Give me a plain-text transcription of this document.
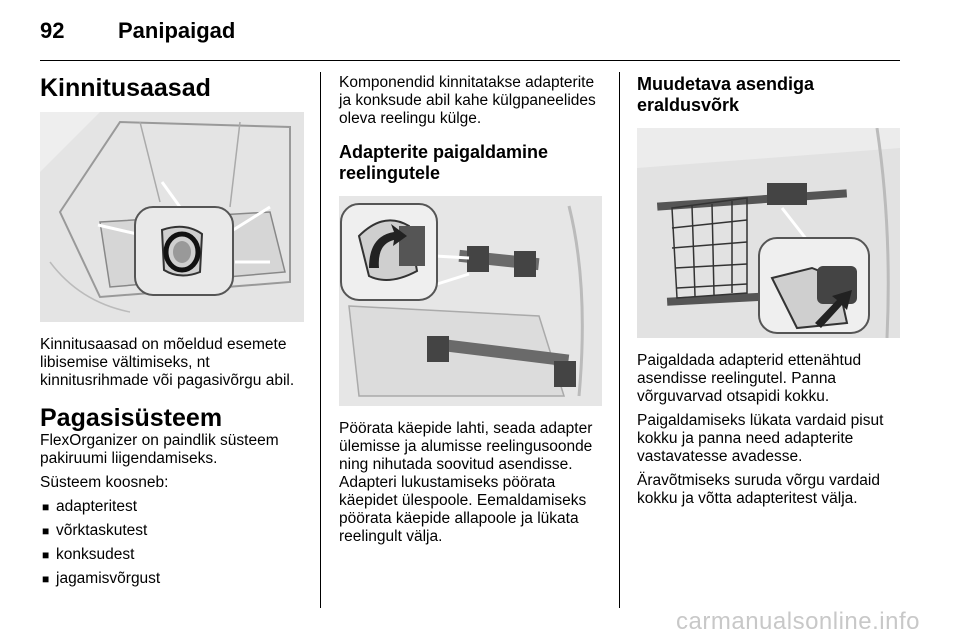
92 Panipaigad
Kinnitusaasad

Kinnitusaasad on mõeldud esemete libisemise vältimiseks, nt kinnitusrihmade või pagasivõrgu abil.

Pagasisüsteem

FlexOrganizer on paindlik süsteem pakiruumi liigendamiseks.

Süsteem koosneb:

■ adapteritest
■ võrktaskutest
■ konksudest
■ jagamisvõrgust

Komponendid kinnitatakse adapterite ja konksude abil kahe külgpaneelides oleva reelingu külge.

Adapterite paigaldamine reelingutele

Pöörata käepide lahti, seada adapter ülemisse ja alumisse reelingusoonde ning nihutada soovitud asendisse. Adapteri lukustamiseks pöörata käepidet ülespoole. Eemaldamiseks pöörata käepide allapoole ja lükata reelingult välja.

Muudetava asendiga eraldusvõrk

Paigaldada adapterid ettenähtud asendisse reelingutel. Panna võrguvarvad otsapidi kokku.

Paigaldamiseks lükata vardaid pisut kokku ja panna need adapterite vastavatesse avadesse.

Äravõtmiseks suruda võrgu vardaid kokku ja võtta adapteritest välja.

carmanualsonline.info
